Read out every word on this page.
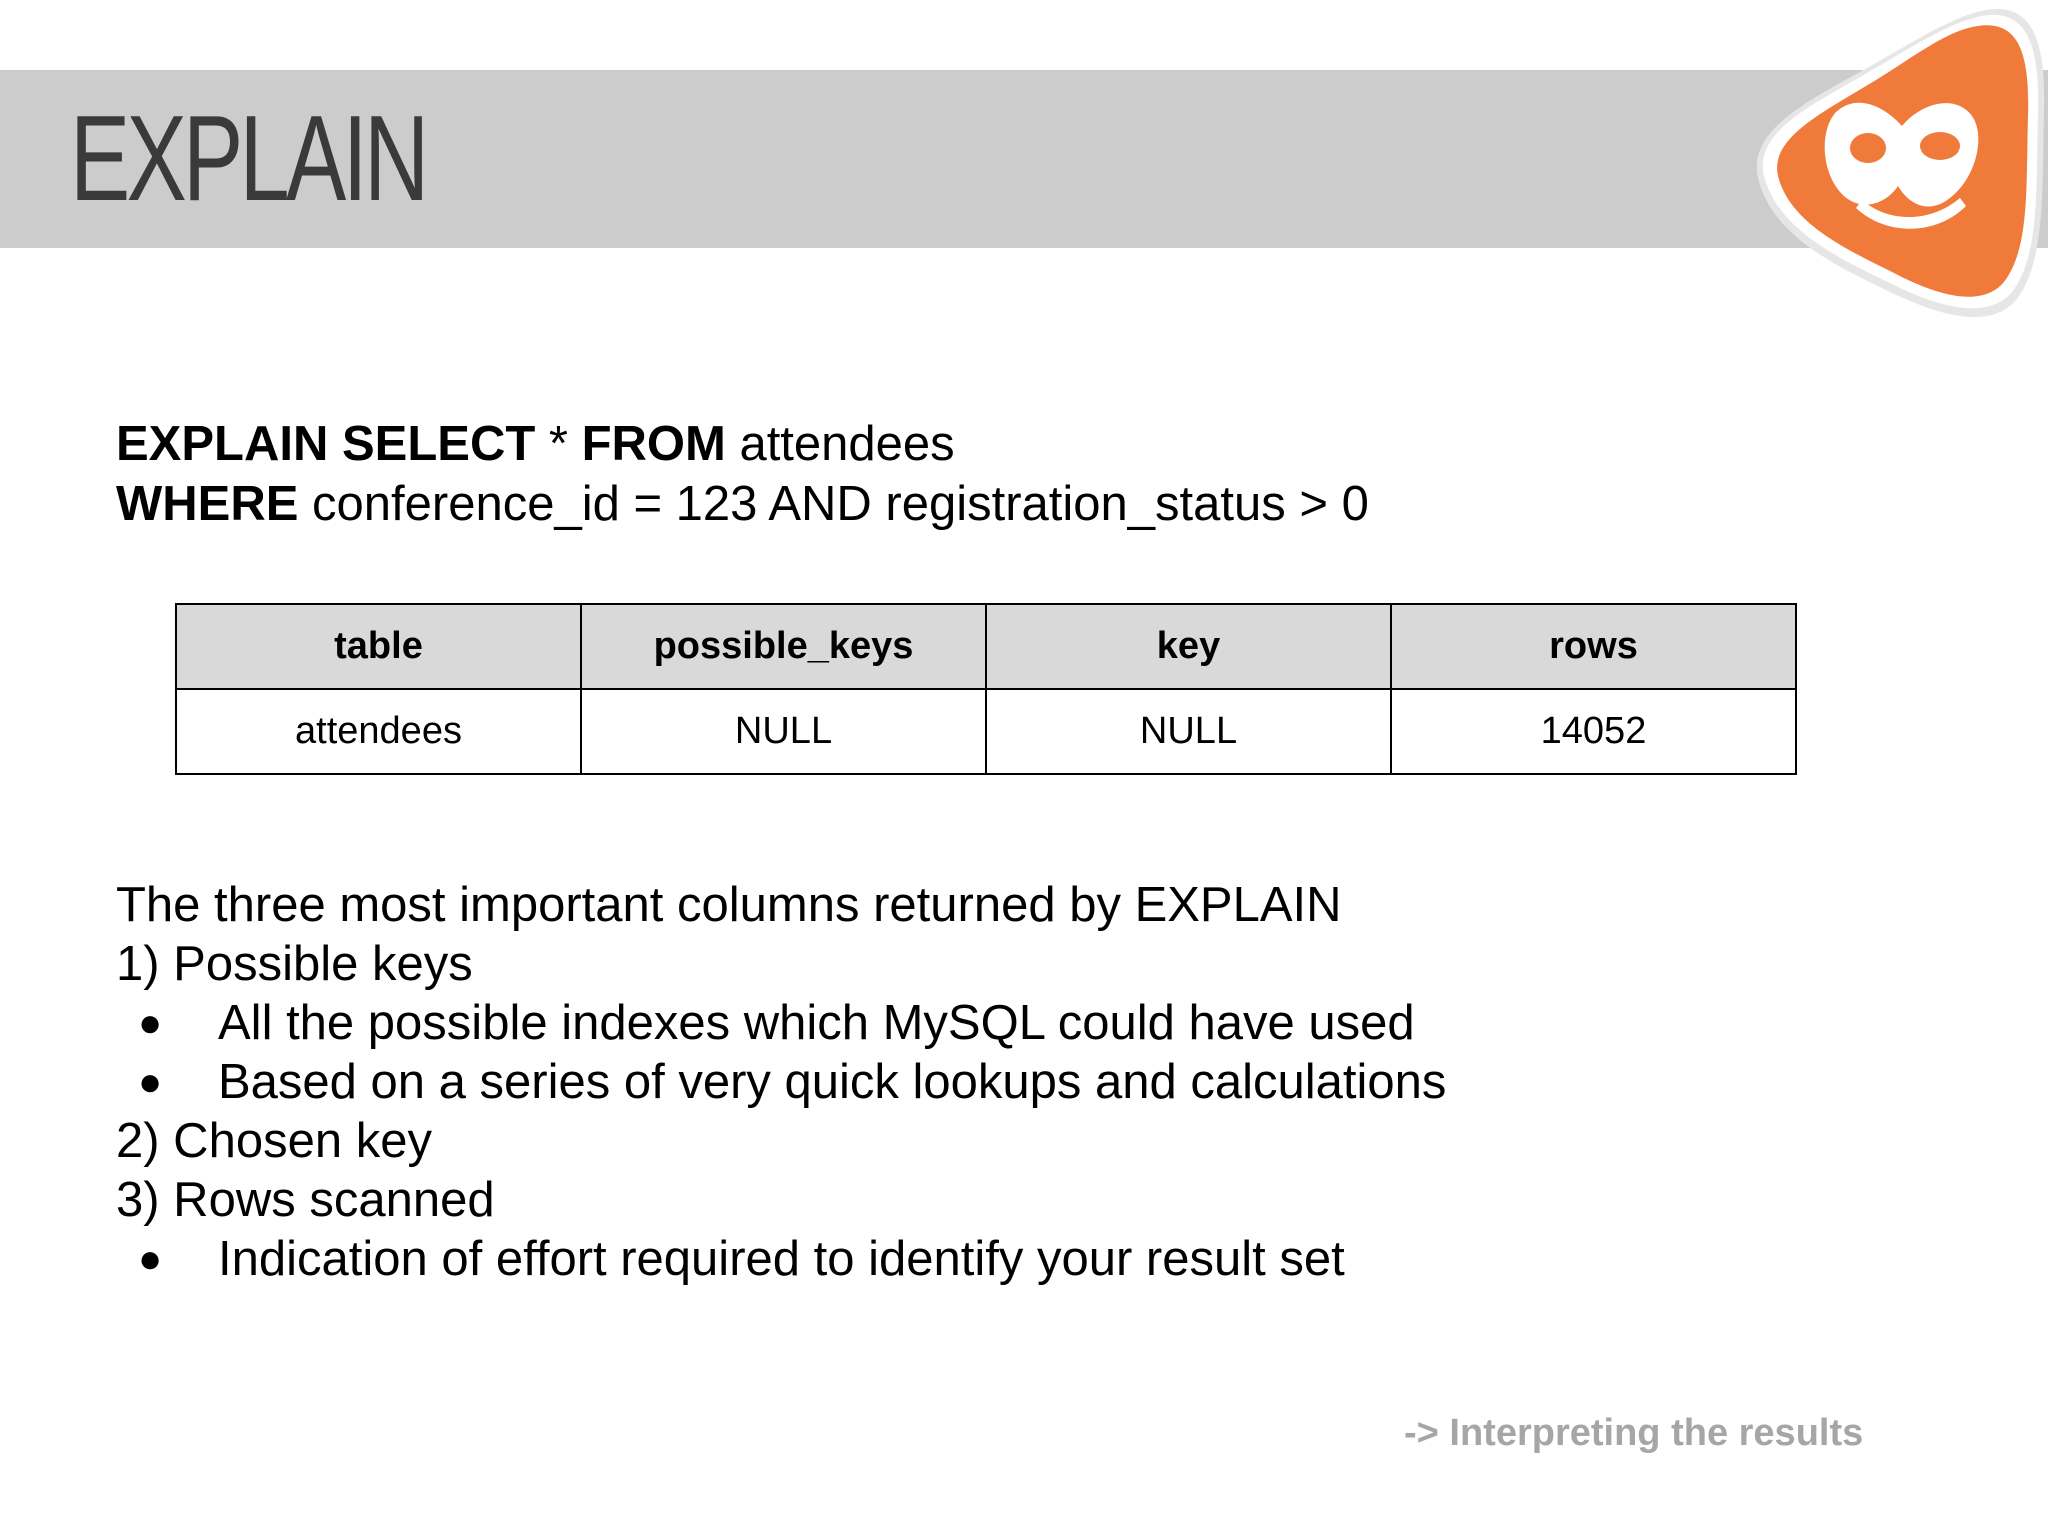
EXPLAIN
EXPLAIN SELECT * FROM attendees
WHERE conference_id = 123 AND registration_status > 0
table	possible_keys	key	rows
attendees	NULL	NULL	14052
The three most important columns returned by EXPLAIN
1) Possible keys
● All the possible indexes which MySQL could have used
● Based on a series of very quick lookups and calculations
2) Chosen key
3) Rows scanned
● Indication of effort required to identify your result set
-> Interpreting the results
